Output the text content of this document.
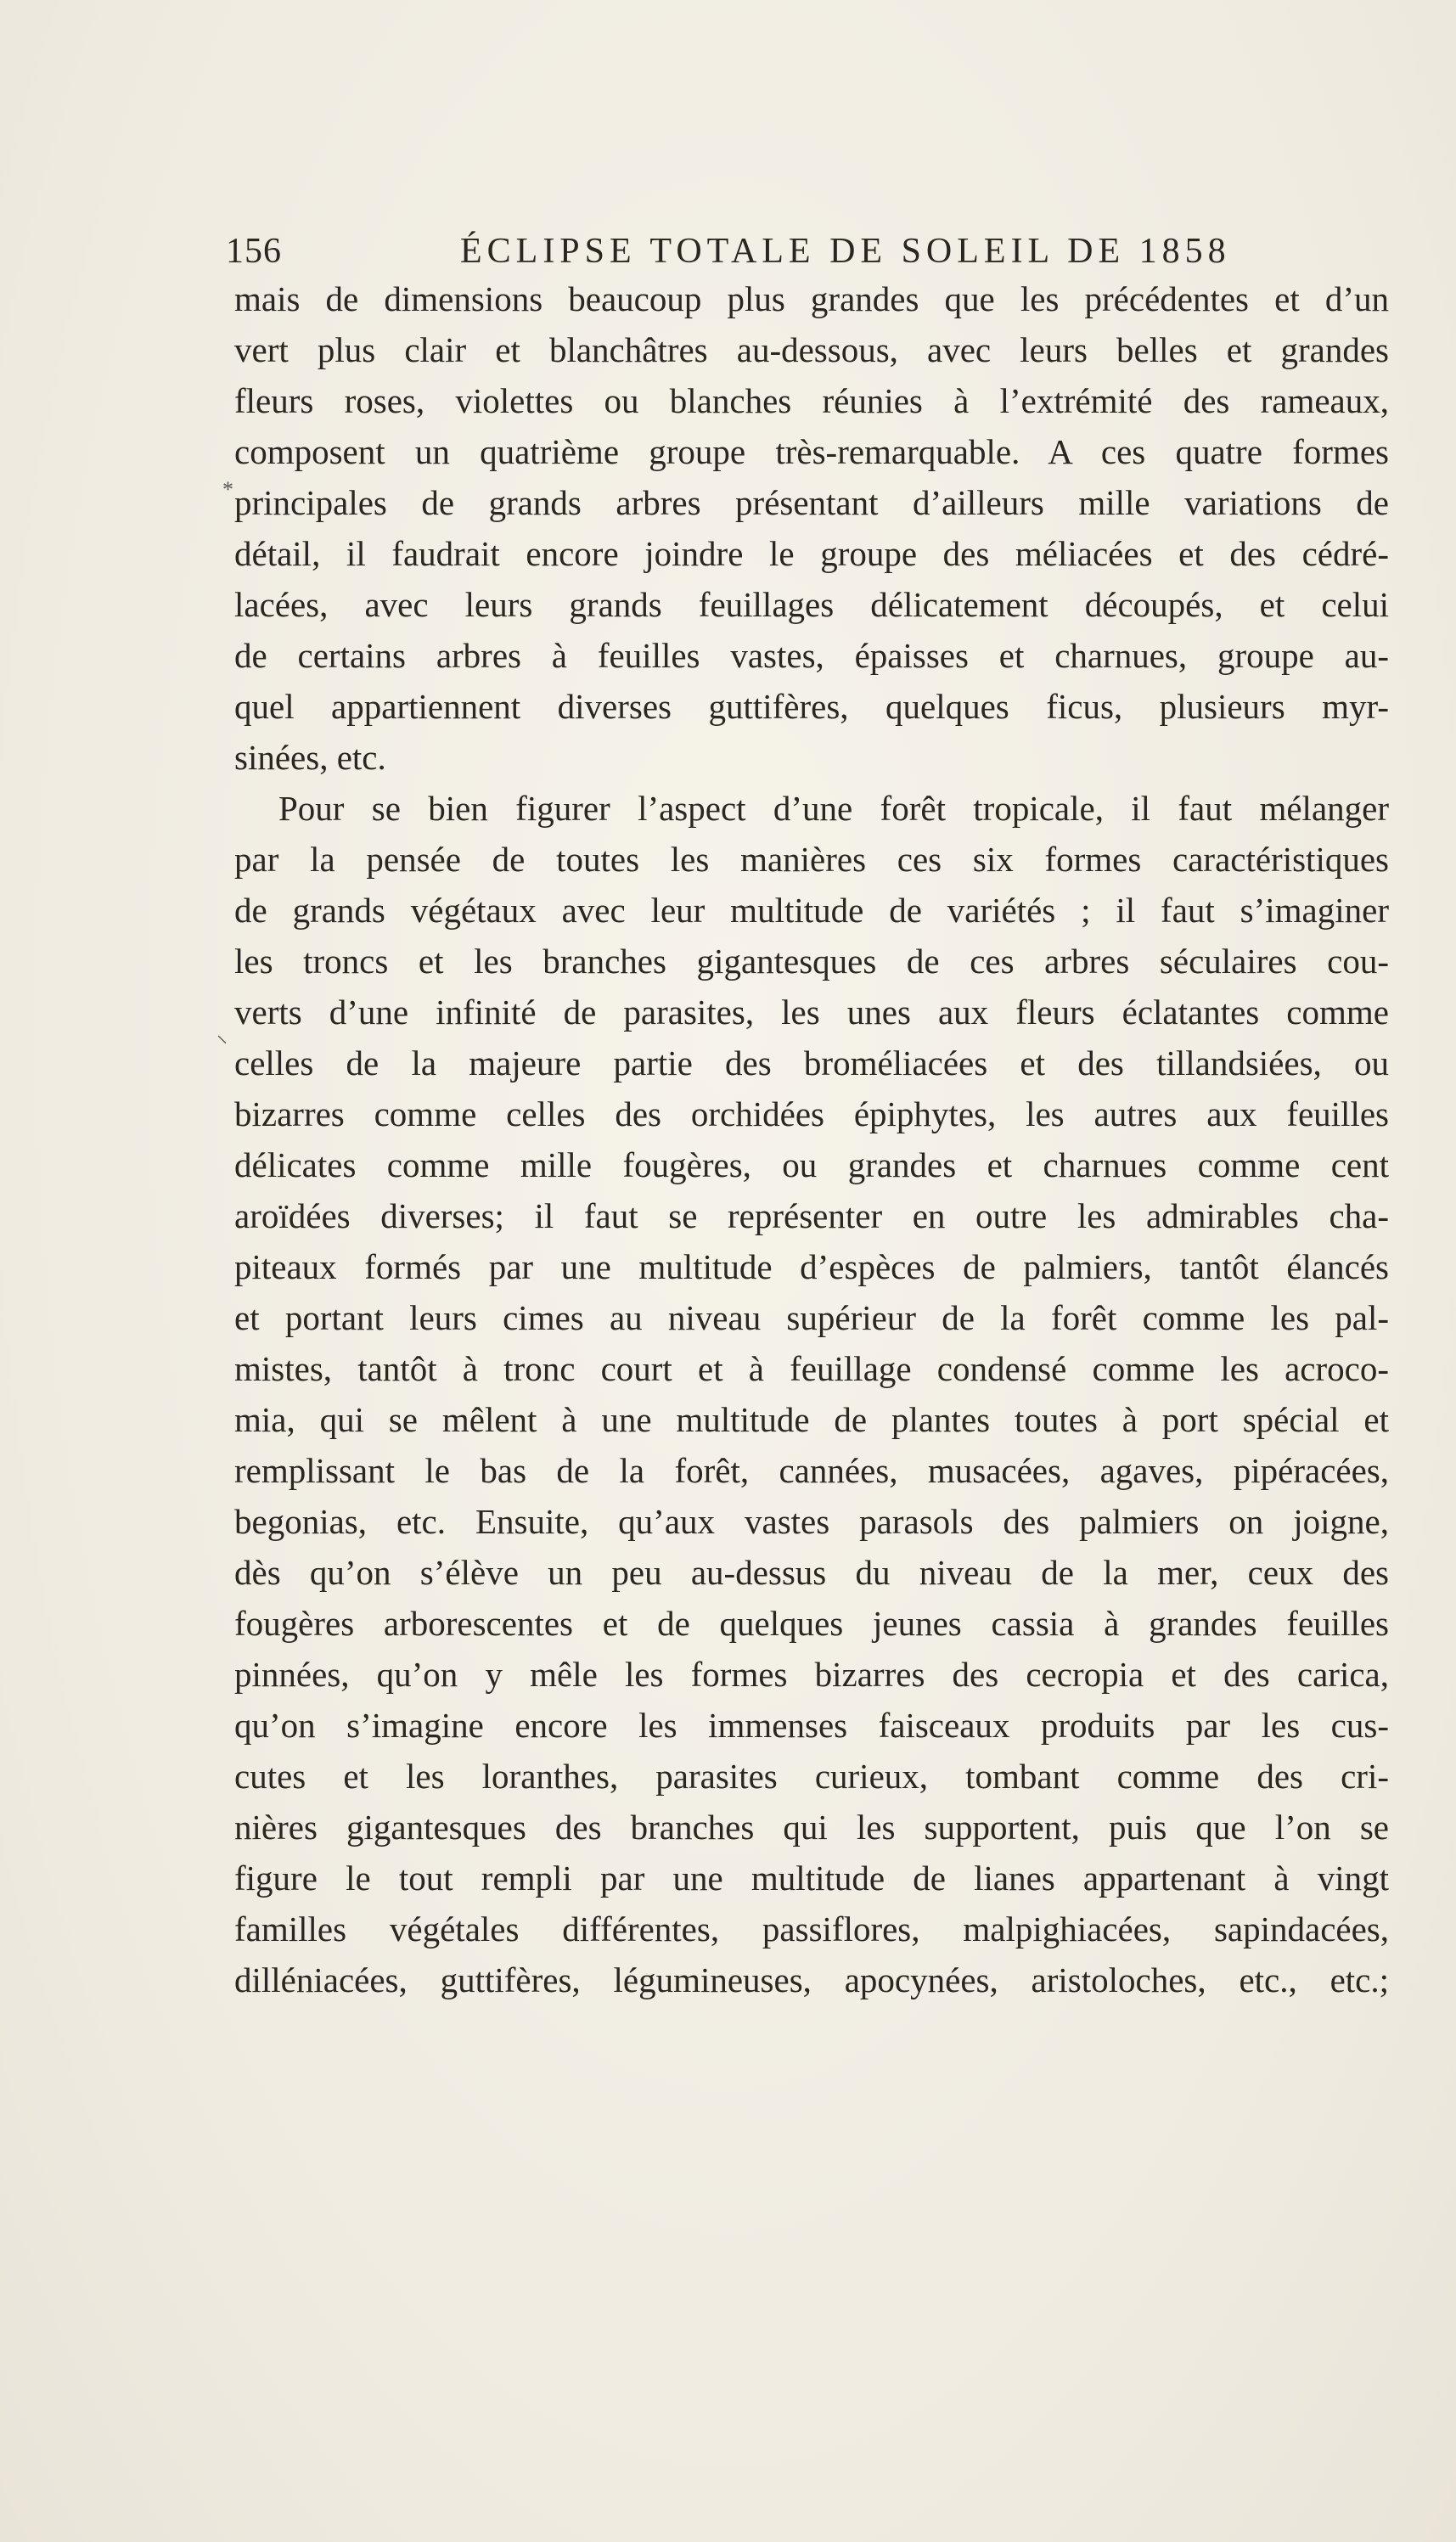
156	ÉCLIPSE TOTALE DE SOLEIL DE 1858
*
⸌
mais de dimensions beaucoup plus grandes que les précédentes et d’un
vert plus clair et blanchâtres au-dessous, avec leurs belles et grandes
fleurs roses, violettes ou blanches réunies à l’extrémité des rameaux,
composent un quatrième groupe très-remarquable. A ces quatre formes
principales de grands arbres présentant d’ailleurs mille variations de
détail, il faudrait encore joindre le groupe des méliacées et des cédré-
lacées, avec leurs grands feuillages délicatement découpés, et celui
de certains arbres à feuilles vastes, épaisses et charnues, groupe au-
quel appartiennent diverses guttifères, quelques ficus, plusieurs myr-
sinées, etc.
Pour se bien figurer l’aspect d’une forêt tropicale, il faut mélanger
par la pensée de toutes les manières ces six formes caractéristiques
de grands végétaux avec leur multitude de variétés ; il faut s’imaginer
les troncs et les branches gigantesques de ces arbres séculaires cou-
verts d’une infinité de parasites, les unes aux fleurs éclatantes comme
celles de la majeure partie des broméliacées et des tillandsiées, ou
bizarres comme celles des orchidées épiphytes, les autres aux feuilles
délicates comme mille fougères, ou grandes et charnues comme cent
aroïdées diverses; il faut se représenter en outre les admirables cha-
piteaux formés par une multitude d’espèces de palmiers, tantôt élancés
et portant leurs cimes au niveau supérieur de la forêt comme les pal-
mistes, tantôt à tronc court et à feuillage condensé comme les acroco-
mia, qui se mêlent à une multitude de plantes toutes à port spécial et
remplissant le bas de la forêt, cannées, musacées, agaves, pipéracées,
begonias, etc. Ensuite, qu’aux vastes parasols des palmiers on joigne,
dès qu’on s’élève un peu au-dessus du niveau de la mer, ceux des
fougères arborescentes et de quelques jeunes cassia à grandes feuilles
pinnées, qu’on y mêle les formes bizarres des cecropia et des carica,
qu’on s’imagine encore les immenses faisceaux produits par les cus-
cutes et les loranthes, parasites curieux, tombant comme des cri-
nières gigantesques des branches qui les supportent, puis que l’on se
figure le tout rempli par une multitude de lianes appartenant à vingt
familles végétales différentes, passiflores, malpighiacées, sapindacées,
dilléniacées, guttifères, légumineuses, apocynées, aristoloches, etc., etc.;
